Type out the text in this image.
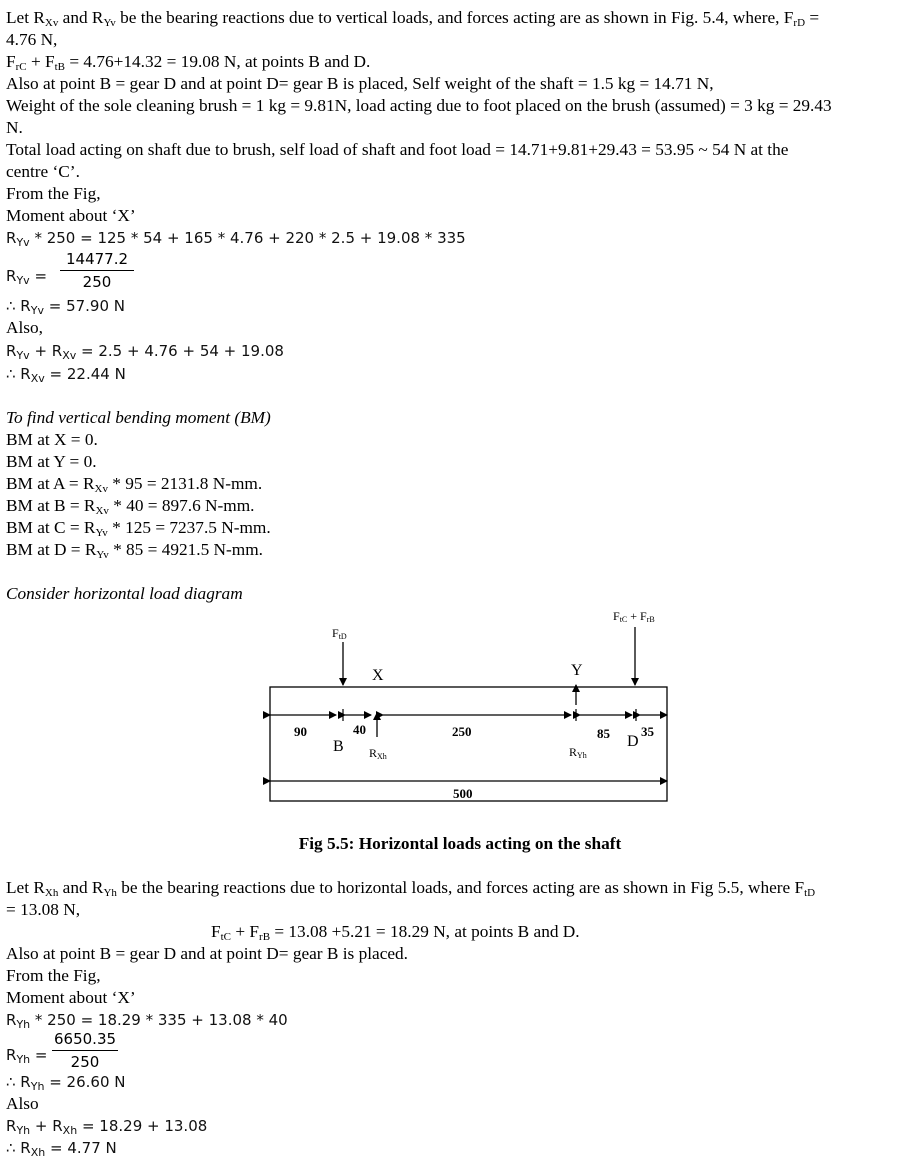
Let $R_{Xv}$ and $R_{Yv}$ be the bearing reactions due to vertical loads, and forces acting are as shown in Fig. 5.4, where, $F_{rD}$ =
4.76 N,
$F_{rC} + F_{tB} = 4.76+14.32 = 19.08$ N, at points B and D.
Also at point B = gear D and at point D= gear B is placed, Self weight of the shaft = 1.5 kg = 14.71 N,
Weight of the sole cleaning brush = 1 kg = 9.81N, load acting due to foot placed on the brush (assumed) = 3 kg = 29.43
N.
Total load acting on shaft due to brush, self load of shaft and foot load = 14.71+9.81+29.43 = 53.95 ~ 54 N at the
centre ‘C’.
From the Fig,
Moment about ‘X’
$R_{Yv} * 250 = 125 * 54 + 165 * 4.76 + 220 * 2.5 + 19.08 * 335$
$R_{Yv} = \frac{14477.2}{250}$
∴ $R_{Yv} = 57.90$ N
Also,
$R_{Yv} + R_{Xv} = 2.5 + 4.76 + 54 + 19.08$
∴ $R_{Xv} = 22.44$ N
To find vertical bending moment (BM)
BM at X = 0.
BM at Y = 0.
BM at $A = R_{Xv} * 95 = 2131.8$ N-mm.
BM at $B = R_{Xv} * 40 = 897.6$ N-mm.
BM at $C = R_{Yv} * 125 = 7237.5$ N-mm.
BM at $D = R_{Yv} * 85 = 4921.5$ N-mm.
Consider horizontal load diagram
FtD
FtC + FrB
X	Y
90	40	250	85 35
B	D
RXh	RYh
500
Fig 5.5: Horizontal loads acting on the shaft
Let $R_{Xh}$ and $R_{Yh}$ be the bearing reactions due to horizontal loads, and forces acting are as shown in Fig 5.5, where $F_{tD}$
= 13.08 N,
$F_{tC} + F_{rB} = 13.08 +5.21 = 18.29$ N, at points B and D.
Also at point B = gear D and at point D= gear B is placed.
From the Fig,
Moment about ‘X’
$R_{Yh} * 250 = 18.29 * 335 + 13.08 * 40$
$R_{Yh} = \frac{6650.35}{250}$
∴ $R_{Yh} = 26.60$ N
Also
$R_{Yh} + R_{Xh} = 18.29 + 13.08$
∴ $R_{Xh} = 4.77$ N
